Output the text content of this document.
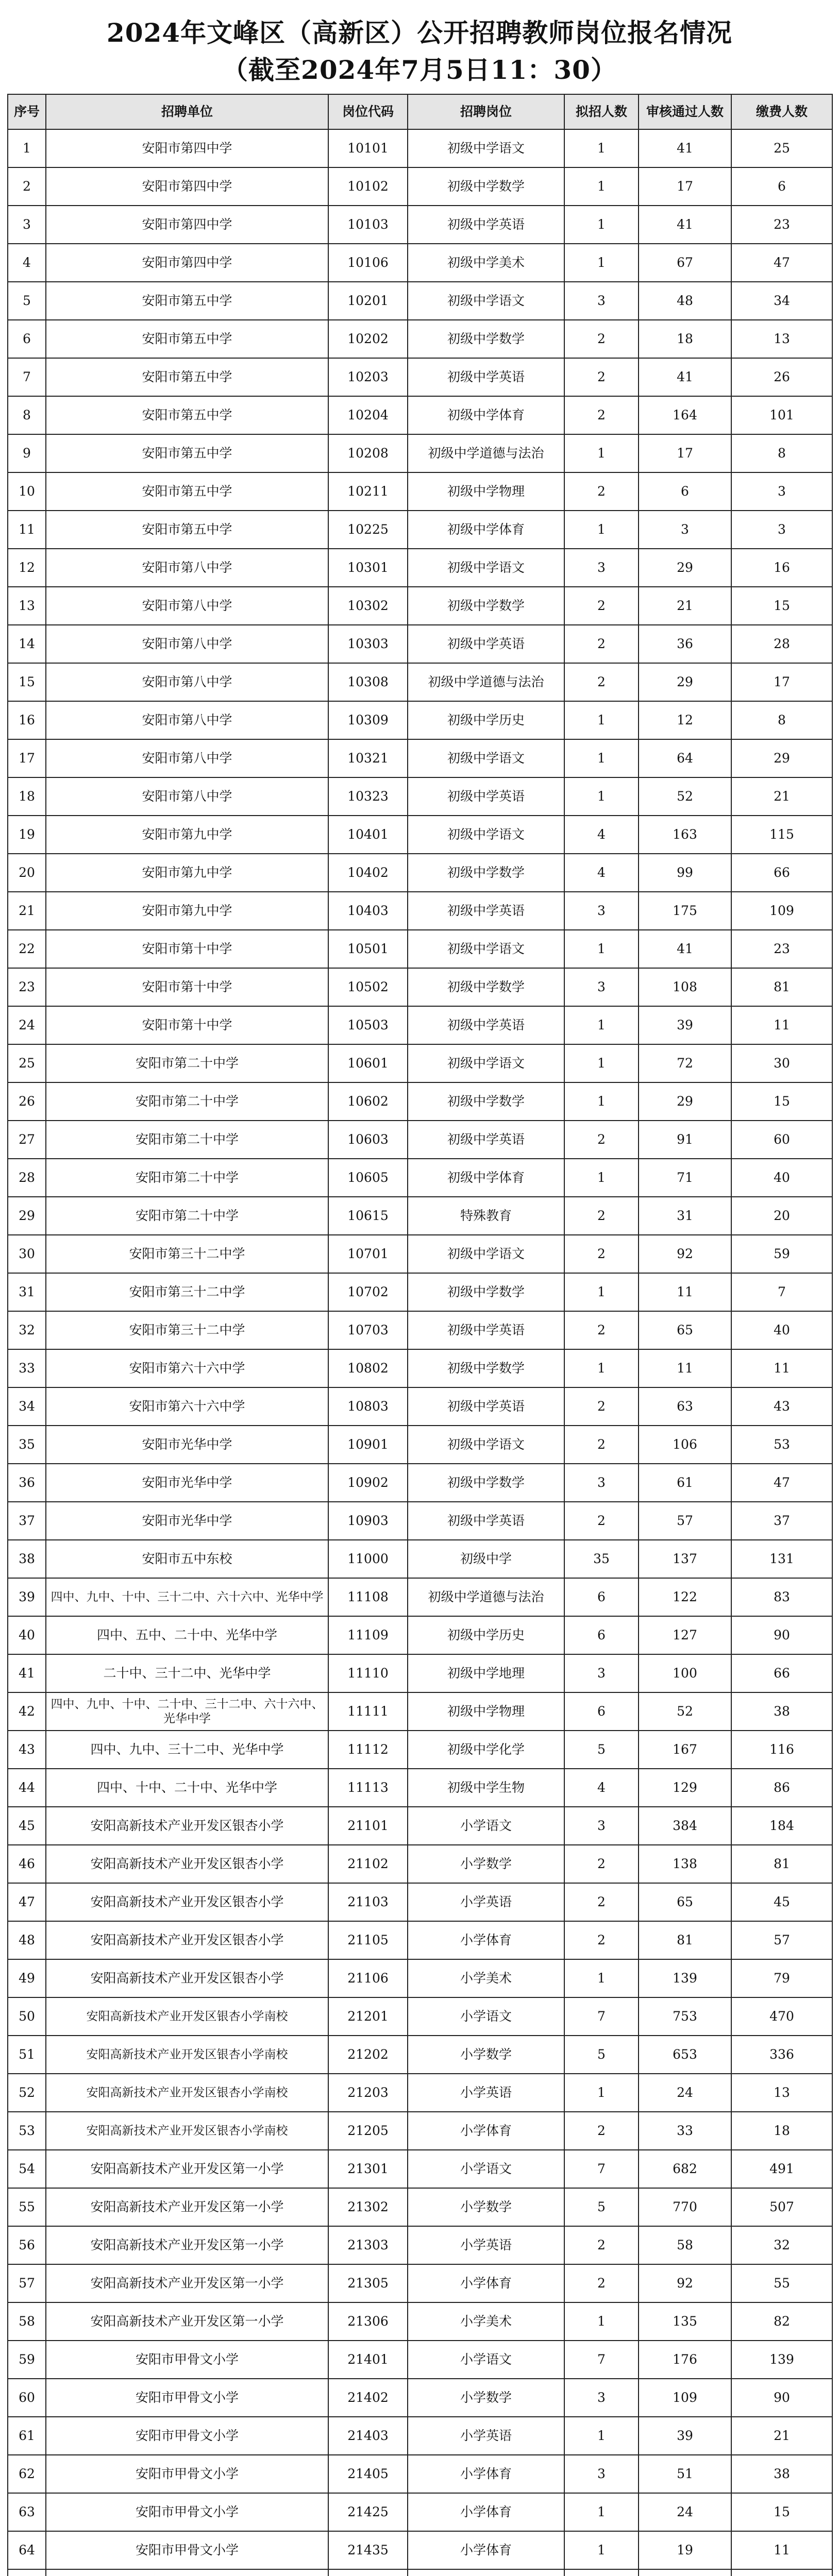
2024年文峰区（高新区）公开招聘教师岗位报名情况
（截至2024年7月5日11：30）
序号	招聘单位	岗位代码	招聘岗位	拟招人数	审核通过人数	缴费人数
1	安阳市第四中学	10101	初级中学语文	1	41	25
2	安阳市第四中学	10102	初级中学数学	1	17	6
3	安阳市第四中学	10103	初级中学英语	1	41	23
4	安阳市第四中学	10106	初级中学美术	1	67	47
5	安阳市第五中学	10201	初级中学语文	3	48	34
6	安阳市第五中学	10202	初级中学数学	2	18	13
7	安阳市第五中学	10203	初级中学英语	2	41	26
8	安阳市第五中学	10204	初级中学体育	2	164	101
9	安阳市第五中学	10208	初级中学道德与法治	1	17	8
10	安阳市第五中学	10211	初级中学物理	2	6	3
11	安阳市第五中学	10225	初级中学体育	1	3	3
12	安阳市第八中学	10301	初级中学语文	3	29	16
13	安阳市第八中学	10302	初级中学数学	2	21	15
14	安阳市第八中学	10303	初级中学英语	2	36	28
15	安阳市第八中学	10308	初级中学道德与法治	2	29	17
16	安阳市第八中学	10309	初级中学历史	1	12	8
17	安阳市第八中学	10321	初级中学语文	1	64	29
18	安阳市第八中学	10323	初级中学英语	1	52	21
19	安阳市第九中学	10401	初级中学语文	4	163	115
20	安阳市第九中学	10402	初级中学数学	4	99	66
21	安阳市第九中学	10403	初级中学英语	3	175	109
22	安阳市第十中学	10501	初级中学语文	1	41	23
23	安阳市第十中学	10502	初级中学数学	3	108	81
24	安阳市第十中学	10503	初级中学英语	1	39	11
25	安阳市第二十中学	10601	初级中学语文	1	72	30
26	安阳市第二十中学	10602	初级中学数学	1	29	15
27	安阳市第二十中学	10603	初级中学英语	2	91	60
28	安阳市第二十中学	10605	初级中学体育	1	71	40
29	安阳市第二十中学	10615	特殊教育	2	31	20
30	安阳市第三十二中学	10701	初级中学语文	2	92	59
31	安阳市第三十二中学	10702	初级中学数学	1	11	7
32	安阳市第三十二中学	10703	初级中学英语	2	65	40
33	安阳市第六十六中学	10802	初级中学数学	1	11	11
34	安阳市第六十六中学	10803	初级中学英语	2	63	43
35	安阳市光华中学	10901	初级中学语文	2	106	53
36	安阳市光华中学	10902	初级中学数学	3	61	47
37	安阳市光华中学	10903	初级中学英语	2	57	37
38	安阳市五中东校	11000	初级中学	35	137	131
39	四中、九中、十中、三十二中、六十六中、光华中学	11108	初级中学道德与法治	6	122	83
40	四中、五中、二十中、光华中学	11109	初级中学历史	6	127	90
41	二十中、三十二中、光华中学	11110	初级中学地理	3	100	66
42	四中、九中、十中、二十中、三十二中、六十六中、光华中学	11111	初级中学物理	6	52	38
43	四中、九中、三十二中、光华中学	11112	初级中学化学	5	167	116
44	四中、十中、二十中、光华中学	11113	初级中学生物	4	129	86
45	安阳高新技术产业开发区银杏小学	21101	小学语文	3	384	184
46	安阳高新技术产业开发区银杏小学	21102	小学数学	2	138	81
47	安阳高新技术产业开发区银杏小学	21103	小学英语	2	65	45
48	安阳高新技术产业开发区银杏小学	21105	小学体育	2	81	57
49	安阳高新技术产业开发区银杏小学	21106	小学美术	1	139	79
50	安阳高新技术产业开发区银杏小学南校	21201	小学语文	7	753	470
51	安阳高新技术产业开发区银杏小学南校	21202	小学数学	5	653	336
52	安阳高新技术产业开发区银杏小学南校	21203	小学英语	1	24	13
53	安阳高新技术产业开发区银杏小学南校	21205	小学体育	2	33	18
54	安阳高新技术产业开发区第一小学	21301	小学语文	7	682	491
55	安阳高新技术产业开发区第一小学	21302	小学数学	5	770	507
56	安阳高新技术产业开发区第一小学	21303	小学英语	2	58	32
57	安阳高新技术产业开发区第一小学	21305	小学体育	2	92	55
58	安阳高新技术产业开发区第一小学	21306	小学美术	1	135	82
59	安阳市甲骨文小学	21401	小学语文	7	176	139
60	安阳市甲骨文小学	21402	小学数学	3	109	90
61	安阳市甲骨文小学	21403	小学英语	1	39	21
62	安阳市甲骨文小学	21405	小学体育	3	51	38
63	安阳市甲骨文小学	21425	小学体育	1	24	15
64	安阳市甲骨文小学	21435	小学体育	1	19	11
